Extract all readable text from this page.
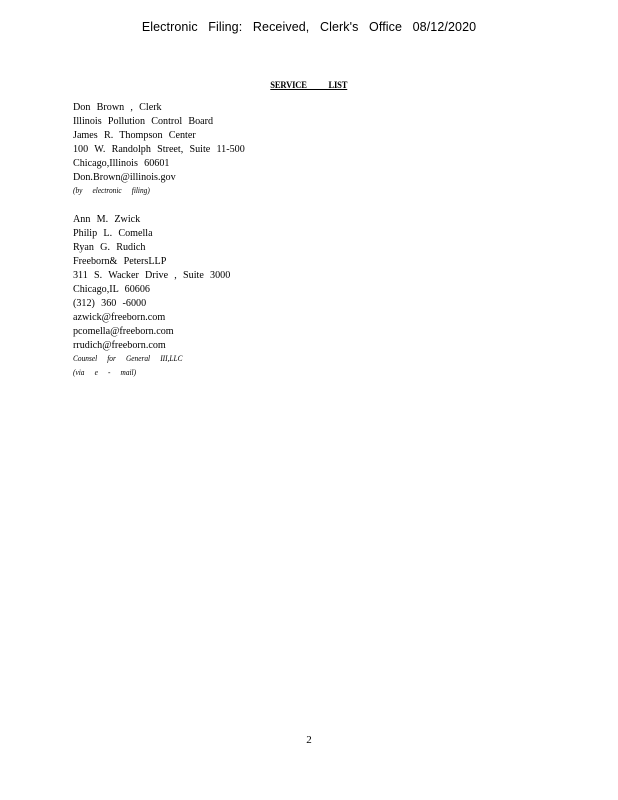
Electronic Filing: Received, Clerk's Office 08/12/2020
SERVICE LIST
Don Brown , Clerk
Illinois Pollution Control Board
James R. Thompson Center
100 W. Randolph Street, Suite 11-500
Chicago,Illinois 60601
Don.Brown@illinois.gov
(by electronic filing)
Ann M. Zwick
Philip L. Comella
Ryan G. Rudich
Freeborn& PetersLLP
311 S. Wacker Drive , Suite 3000
Chicago,IL 60606
(312) 360 -6000
azwick@freeborn.com
pcomella@freeborn.com
rrudich@freeborn.com
Counsel for General III,LLC
(via e - mail)
2
